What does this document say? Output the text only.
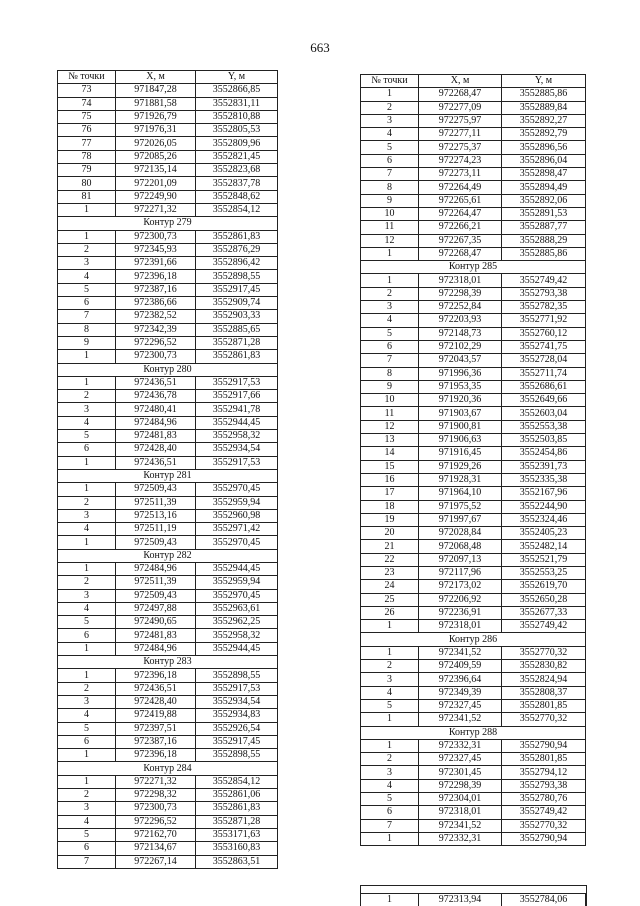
663
№ точки	X, м	Y, м
73	971847,28	3552866,85
74	971881,58	3552831,11
75	971926,79	3552810,88
76	971976,31	3552805,53
77	972026,05	3552809,96
78	972085,26	3552821,45
79	972135,14	3552823,68
80	972201,09	3552837,78
81	972249,90	3552848,62
1	972271,32	3552854,12
Контур 279		
1	972300,73	3552861,83
2	972345,93	3552876,29
3	972391,66	3552896,42
4	972396,18	3552898,55
5	972387,16	3552917,45
6	972386,66	3552909,74
7	972382,52	3552903,33
8	972342,39	3552885,65
9	972296,52	3552871,28
1	972300,73	3552861,83
Контур 280		
1	972436,51	3552917,53
2	972436,78	3552917,66
3	972480,41	3552941,78
4	972484,96	3552944,45
5	972481,83	3552958,32
6	972428,40	3552934,54
1	972436,51	3552917,53
Контур 281		
1	972509,43	3552970,45
2	972511,39	3552959,94
3	972513,16	3552960,98
4	972511,19	3552971,42
1	972509,43	3552970,45
Контур 282		
1	972484,96	3552944,45
2	972511,39	3552959,94
3	972509,43	3552970,45
4	972497,88	3552963,61
5	972490,65	3552962,25
6	972481,83	3552958,32
1	972484,96	3552944,45
Контур 283		
1	972396,18	3552898,55
2	972436,51	3552917,53
3	972428,40	3552934,54
4	972419,88	3552934,83
5	972397,51	3552926,54
6	972387,16	3552917,45
1	972396,18	3552898,55
Контур 284		
1	972271,32	3552854,12
2	972298,32	3552861,06
3	972300,73	3552861,83
4	972296,52	3552871,28
5	972162,70	3553171,63
6	972134,67	3553160,83
7	972267,14	3552863,51
№ точки	X, м	Y, м
1	972268,47	3552885,86
2	972277,09	3552889,84
3	972275,97	3552892,27
4	972277,11	3552892,79
5	972275,37	3552896,56
6	972274,23	3552896,04
7	972273,11	3552898,47
8	972264,49	3552894,49
9	972265,61	3552892,06
10	972264,47	3552891,53
11	972266,21	3552887,77
12	972267,35	3552888,29
1	972268,47	3552885,86
Контур 285		
1	972318,01	3552749,42
2	972298,39	3552793,38
3	972252,84	3552782,35
4	972203,93	3552771,92
5	972148,73	3552760,12
6	972102,29	3552741,75
7	972043,57	3552728,04
8	971996,36	3552711,74
9	971953,35	3552686,61
10	971920,36	3552649,66
11	971903,67	3552603,04
12	971900,81	3552553,38
13	971906,63	3552503,85
14	971916,45	3552454,86
15	971929,26	3552391,73
16	971928,31	3552335,38
17	971964,10	3552167,96
18	971975,52	3552244,90
19	971997,67	3552324,46
20	972028,84	3552405,23
21	972068,48	3552482,14
22	972097,13	3552521,79
23	972117,96	3552553,25
24	972173,02	3552619,70
25	972206,92	3552650,28
26	972236,91	3552677,33
1	972318,01	3552749,42
Контур 286		
1	972341,52	3552770,32
2	972409,59	3552830,82
3	972396,64	3552824,94
4	972349,39	3552808,37
5	972327,45	3552801,85
1	972341,52	3552770,32
Контур 288		
1	972332,31	3552790,94
2	972327,45	3552801,85
3	972301,45	3552794,12
4	972298,39	3552793,38
5	972304,01	3552780,76
6	972318,01	3552749,42
7	972341,52	3552770,32
1	972332,31	3552790,94
1	972313,94	3552784,06
